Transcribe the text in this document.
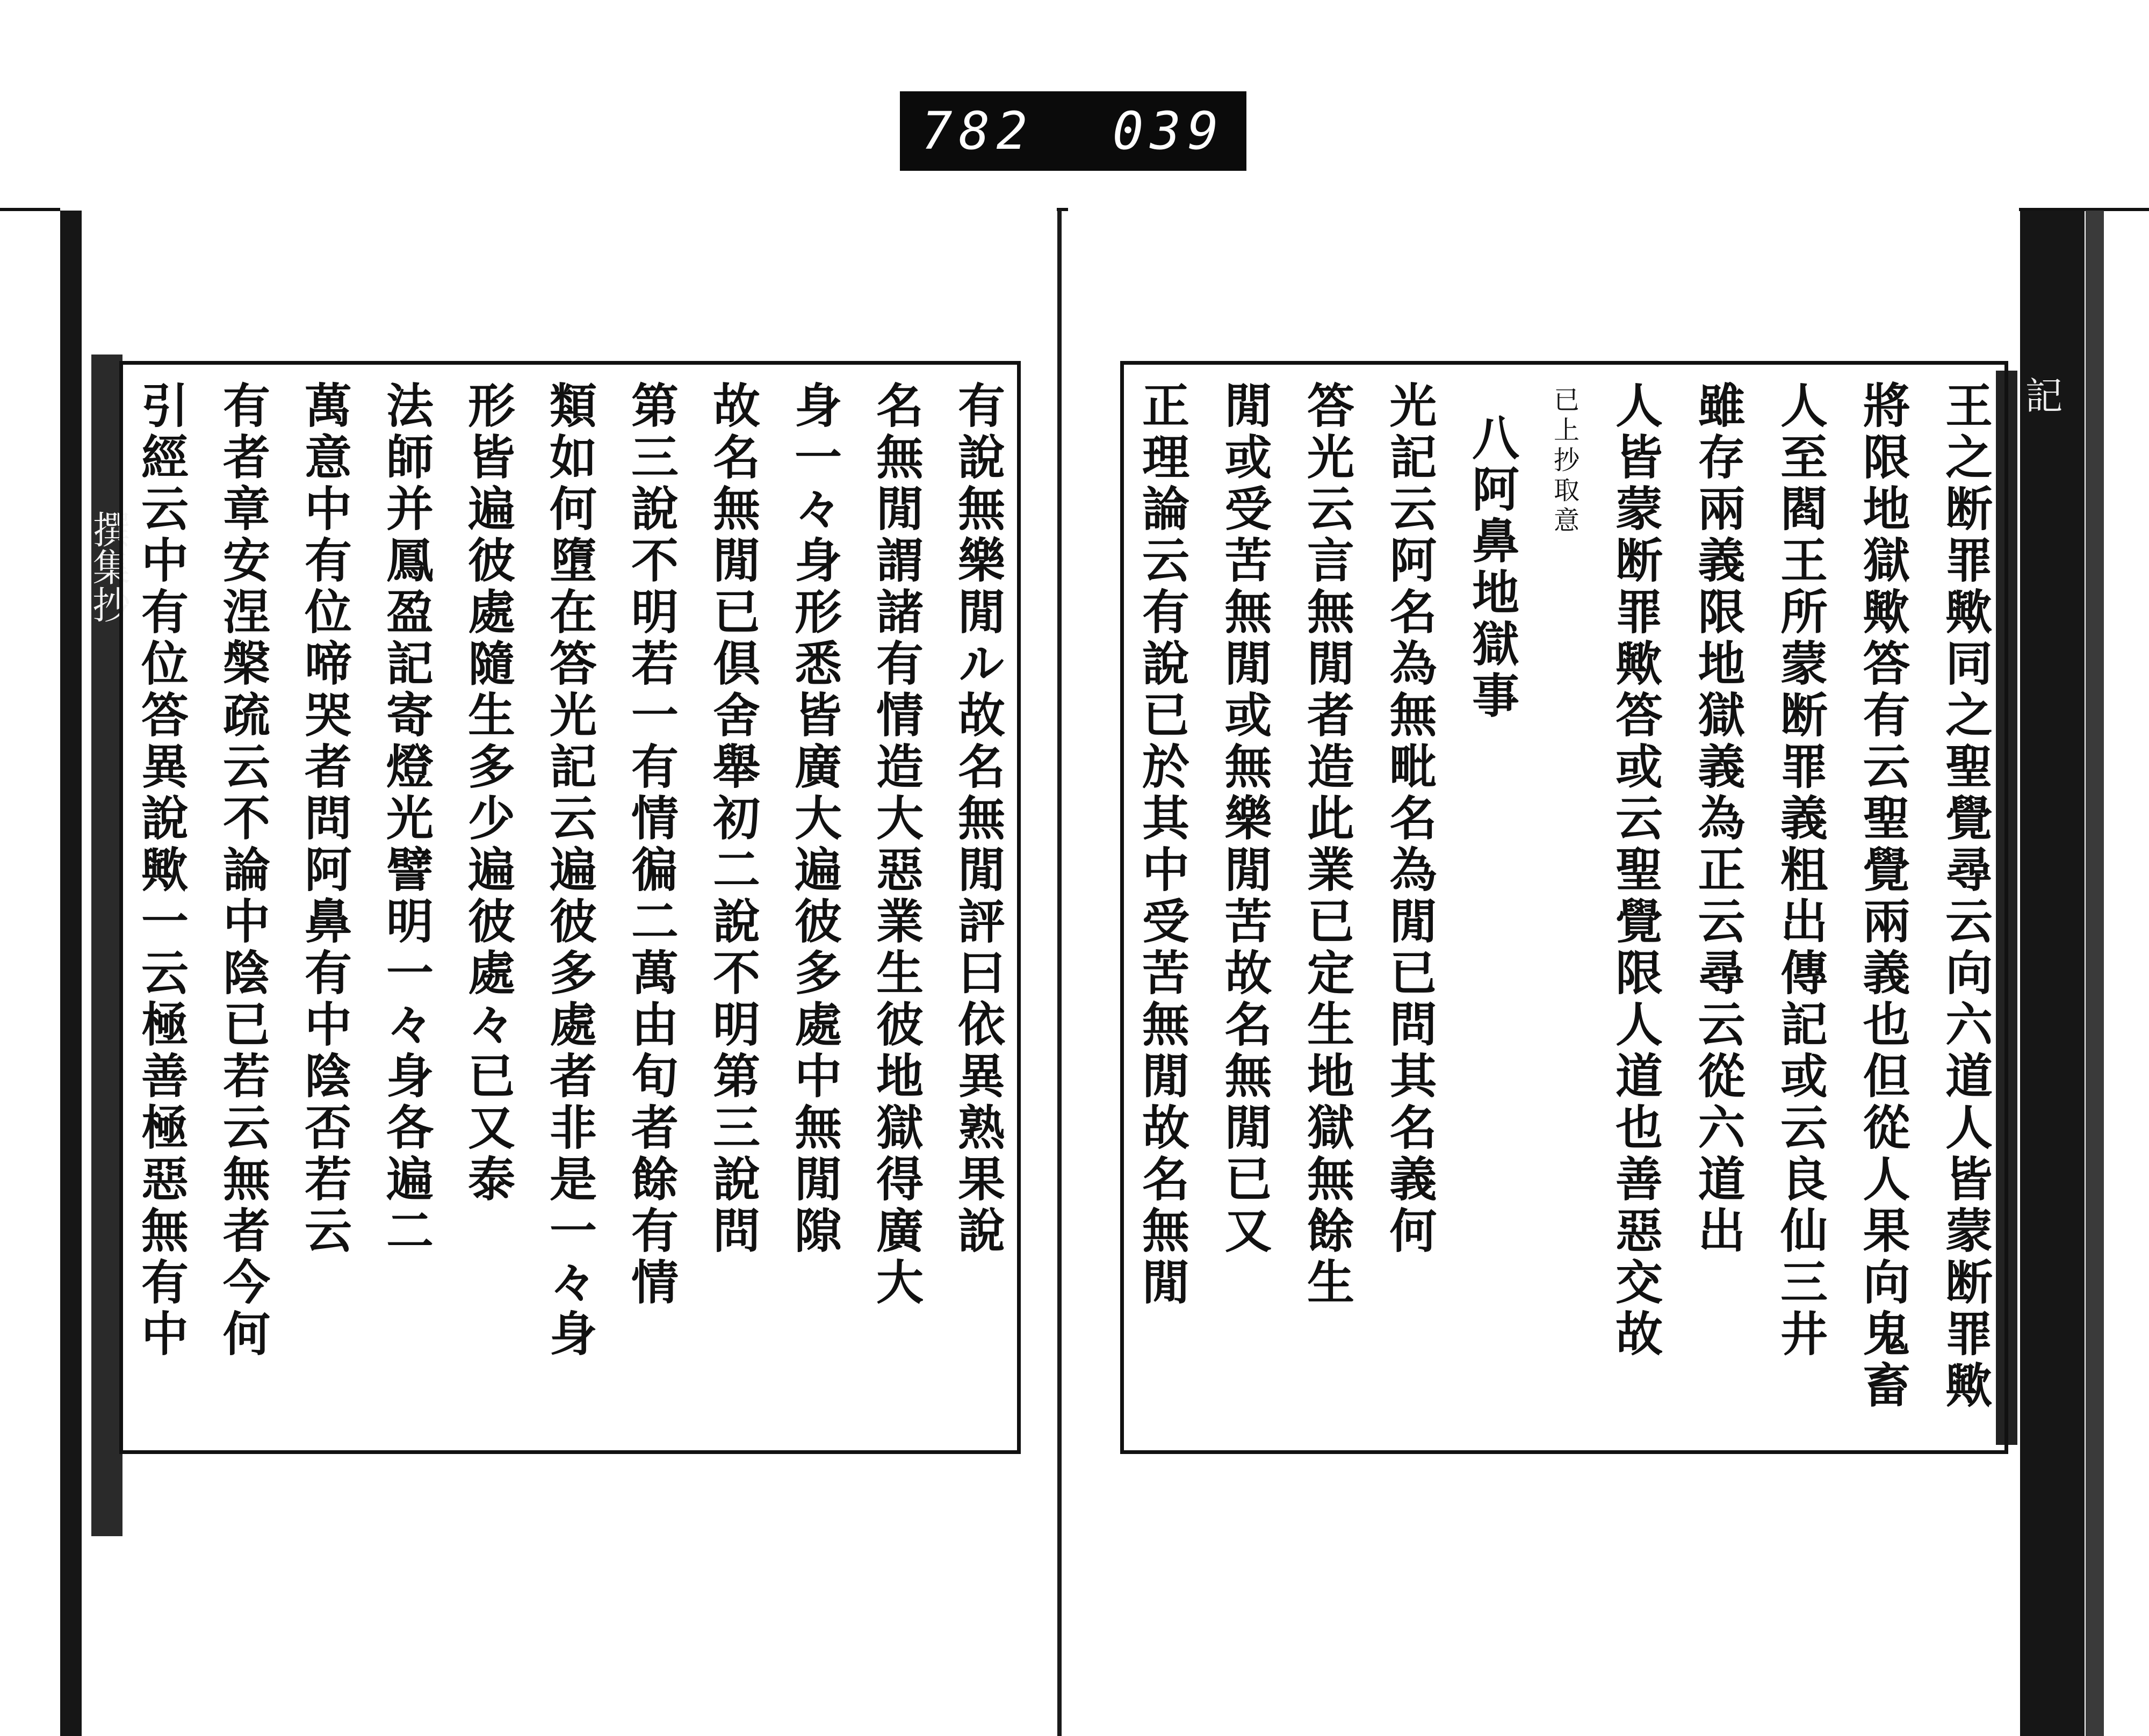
782 039
撰集抄
記
有說無樂閒ル故名無閒評曰依異熟果說
名無閒謂諸有情造大惡業生彼地獄得廣大
身一々身形悉皆廣大遍彼多處中無閒隙
故名無閒已倶舍舉初二說不明第三說問
第三說不明若一有情徧二萬由旬者餘有情
類如何墮在答光記云遍彼多處者非是一々身
形皆遍彼處隨生多少遍彼處々已又泰
法師并鳳盈記寄燈光譬明一々身各遍二
萬意中有位啼哭者問阿鼻有中陰否若云
有者章安涅槃疏云不論中陰已若云無者今何
引經云中有位答異說歟一云極善極惡無有中	王之断罪歟同之聖覺尋云向六道人皆蒙断罪歟
將限地獄歟答有云聖覺兩義也但從人果向鬼畜
人至閻王所蒙断罪義粗出傳記或云良仙三井
雖存兩義限地獄義為正云尋云從六道出
人皆蒙断罪歟答或云聖覺限人道也善惡交故
已上抄取意
八阿鼻地獄事
光記云阿名為無毗名為閒已問其名義何
答光云言無閒者造此業已定生地獄無餘生
閒或受苦無閒或無樂閒苦故名無閒已又
正理論云有說已於其中受苦無閒故名無閒
